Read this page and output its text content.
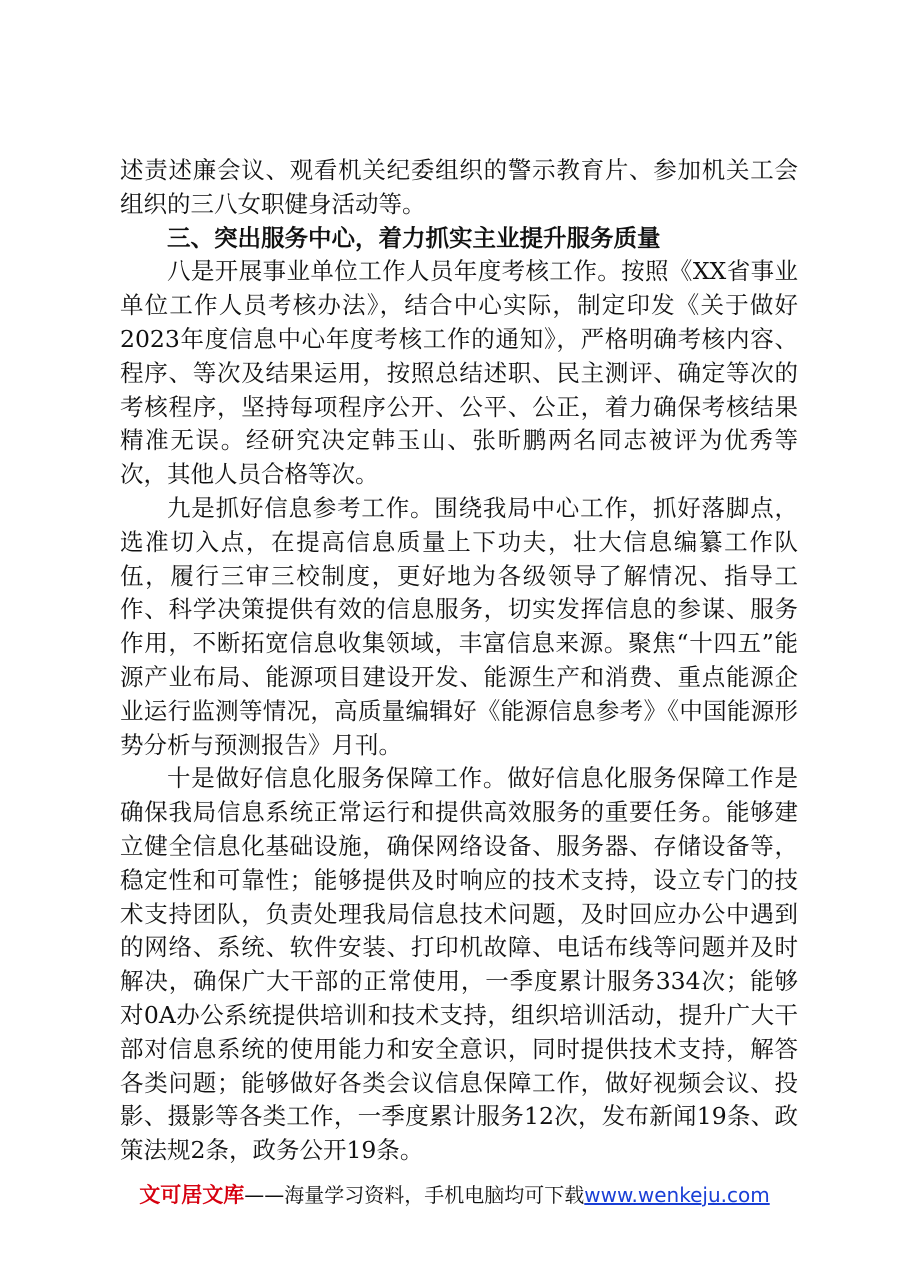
述责述廉会议、观看机关纪委组织的警示教育片、参加机关工会组织的三八女职健身活动等。

三、突出服务中心，着力抓实主业提升服务质量

八是开展事业单位工作人员年度考核工作。按照《XX省事业单位工作人员考核办法》，结合中心实际，制定印发《关于做好2023年度信息中心年度考核工作的通知》，严格明确考核内容、程序、等次及结果运用，按照总结述职、民主测评、确定等次的考核程序，坚持每项程序公开、公平、公正，着力确保考核结果精准无误。经研究决定韩玉山、张昕鹏两名同志被评为优秀等次，其他人员合格等次。

九是抓好信息参考工作。围绕我局中心工作，抓好落脚点，选准切入点，在提高信息质量上下功夫，壮大信息编纂工作队伍，履行三审三校制度，更好地为各级领导了解情况、指导工作、科学决策提供有效的信息服务，切实发挥信息的参谋、服务作用，不断拓宽信息收集领域，丰富信息来源。聚焦“十四五”能源产业布局、能源项目建设开发、能源生产和消费、重点能源企业运行监测等情况，高质量编辑好《能源信息参考》《中国能源形势分析与预测报告》月刊。

十是做好信息化服务保障工作。做好信息化服务保障工作是确保我局信息系统正常运行和提供高效服务的重要任务。能够建立健全信息化基础设施，确保网络设备、服务器、存储设备等，稳定性和可靠性；能够提供及时响应的技术支持，设立专门的技术支持团队，负责处理我局信息技术问题，及时回应办公中遇到的网络、系统、软件安装、打印机故障、电话布线等问题并及时解决，确保广大干部的正常使用，一季度累计服务334次；能够对0A办公系统提供培训和技术支持，组织培训活动，提升广大干部对信息系统的使用能力和安全意识，同时提供技术支持，解答各类问题；能够做好各类会议信息保障工作，做好视频会议、投影、摄影等各类工作，一季度累计服务12次，发布新闻19条、政策法规2条，政务公开19条。

文可居文库——海量学习资料，手机电脑均可下载www.wenkeju.com
